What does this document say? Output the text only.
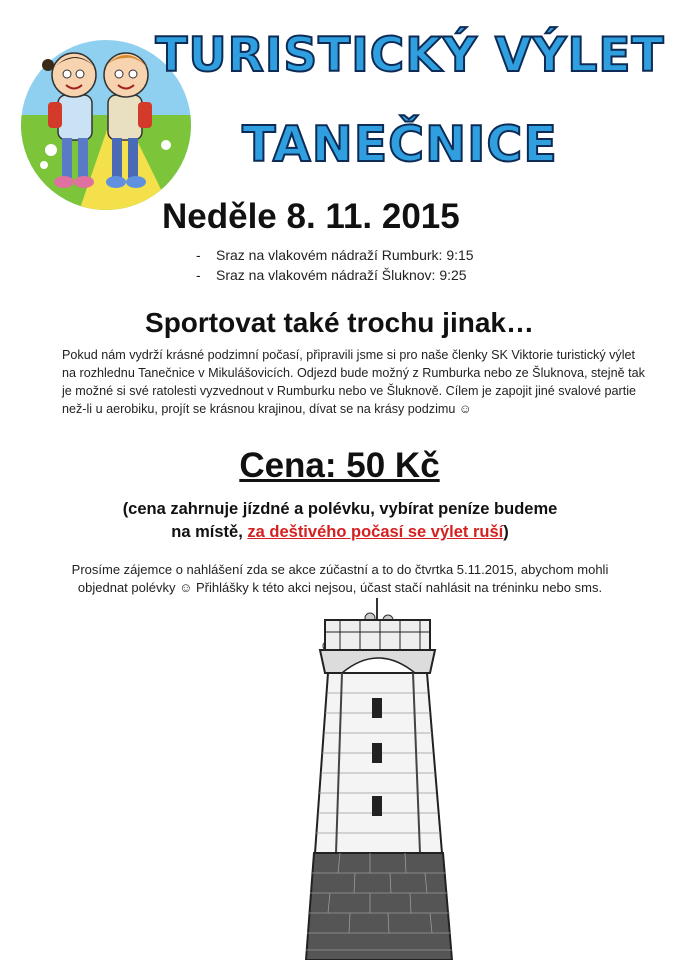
TURISTICKÝ VÝLET
TANEČNICE
Neděle 8. 11. 2015
- Sraz na vlakovém nádraží Rumburk: 9:15
- Sraz na vlakovém nádraží Šluknov: 9:25
Sportovat také trochu jinak…
Pokud nám vydrží krásné podzimní počasí, připravili jsme si pro naše členky SK Viktorie turistický výlet na rozhlednu Tanečnice v Mikulášovicích. Odjezd bude možný z Rumburka nebo ze Šluknova, stejně tak je možné si své ratolesti vyzvednout v Rumburku nebo ve Šluknově. Cílem je zapojit jiné svalové partie než-li u aerobiku, projít se krásnou krajinou, dívat se na krásy podzimu ☺
Cena: 50 Kč
(cena zahrnuje jízdné a polévku, vybírat peníze budeme
na místě, za deštivého počasí se výlet ruší)
Prosíme zájemce o nahlášení zda se akce zúčastní a to do čtvrtka 5.11.2015, abychom mohli
objednat polévky ☺ Přihlášky k této akci nejsou, účast stačí nahlásit na tréninku nebo sms.
